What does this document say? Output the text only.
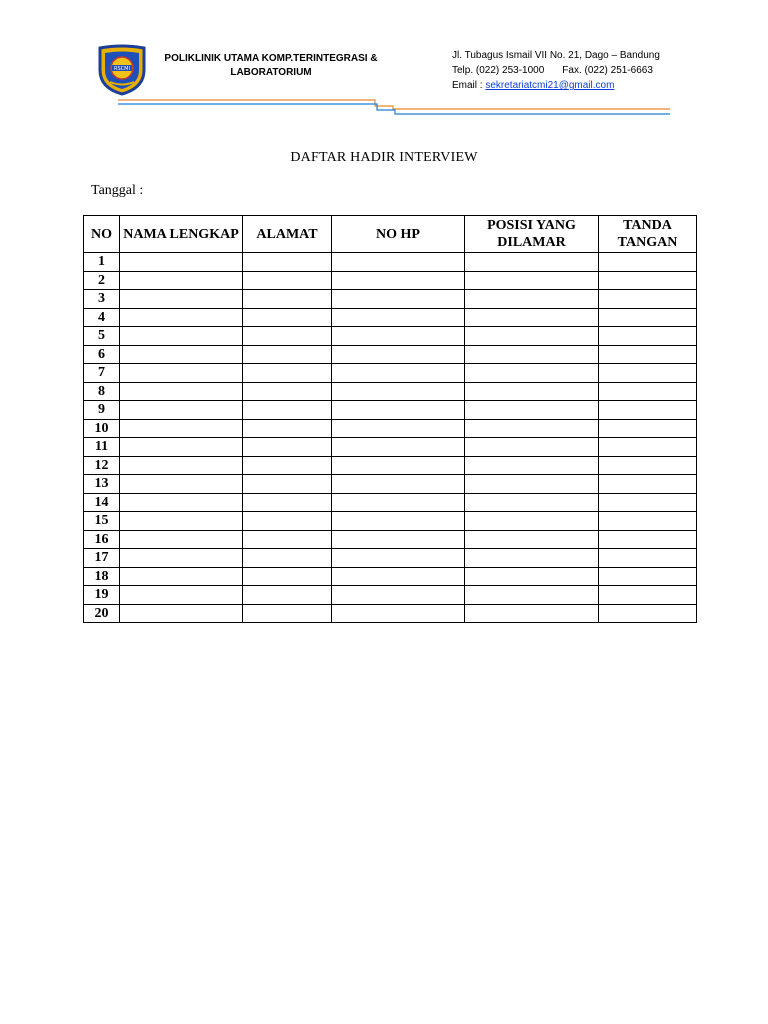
RSCMI
POLIKLINIK UTAMA KOMP.TERINTEGRASI &
LABORATORIUM
Jl. Tubagus Ismail VII No. 21, Dago – Bandung
Telp. (022) 253-1000 Fax. (022) 251-6663
Email : sekretariatcmi21@gmail.com
DAFTAR HADIR INTERVIEW
Tanggal :
NO	NAMA LENGKAP	ALAMAT	NO HP	POSISI YANG DILAMAR	TANDA TANGAN
1					
2					
3					
4					
5					
6					
7					
8					
9					
10					
11					
12					
13					
14					
15					
16					
17					
18					
19					
20					
